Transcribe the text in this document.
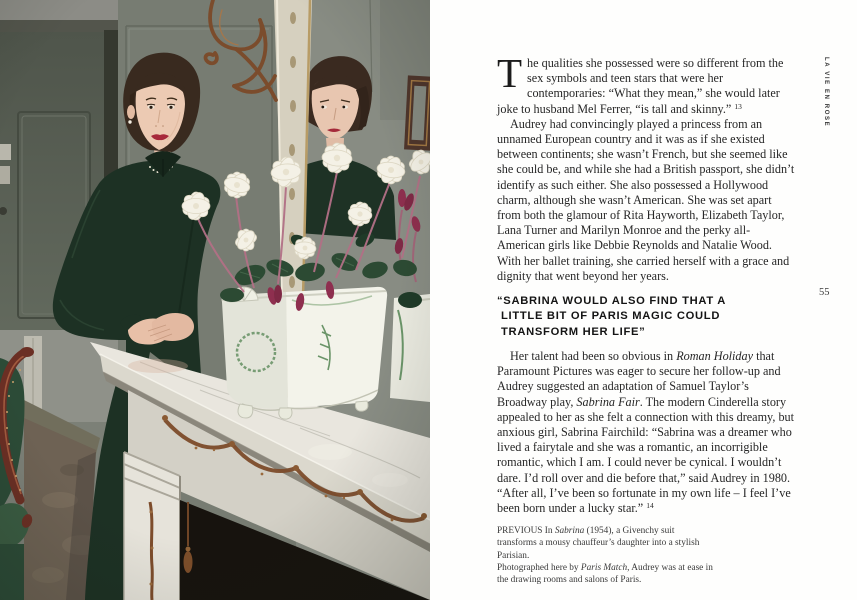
The qualities she possessed were so different from the sex symbols and teen stars that were her contemporaries: “What they mean,” she would later joke to husband Mel Ferrer, “is tall and skinny.” $^{13}$

Audrey had convincingly played a princess from an unnamed European country and it was as if she existed between continents; she wasn’t French, but she seemed like she could be, and while she had a British passport, she didn’t identify as such either. She also possessed a Hollywood charm, although she wasn’t American. She was set apart from both the glamour of Rita Hayworth, Elizabeth Taylor, Lana Turner and Marilyn Monroe and the perky all-American girls like Debbie Reynolds and Natalie Wood. With her ballet training, she carried herself with a grace and dignity that went beyond her years.

“SABRINA WOULD ALSO FIND THAT A
LITTLE BIT OF PARIS MAGIC COULD
TRANSFORM HER LIFE”

Her talent had been so obvious in Roman Holiday that Paramount Pictures was eager to secure her follow-up and Audrey suggested an adaptation of Samuel Taylor’s Broadway play, Sabrina Fair. The modern Cinderella story appealed to her as she felt a connection with this dreamy, but anxious girl, Sabrina Fairchild: “Sabrina was a dreamer who lived a fairytale and she was a romantic, an incorrigible romantic, which I am. I could never be cynical. I wouldn’t dare. I’d roll over and die before that,” said Audrey in 1980. “After all, I’ve been so fortunate in my own life – I feel I’ve been born under a lucky star.” $^{14}$

PREVIOUS In Sabrina (1954), a Givenchy suit transforms a mousy chauffeur’s daughter into a stylish Parisian.

Photographed here by Paris Match, Audrey was at ease in the drawing rooms and salons of Paris.

55
LA VIE EN ROSE
